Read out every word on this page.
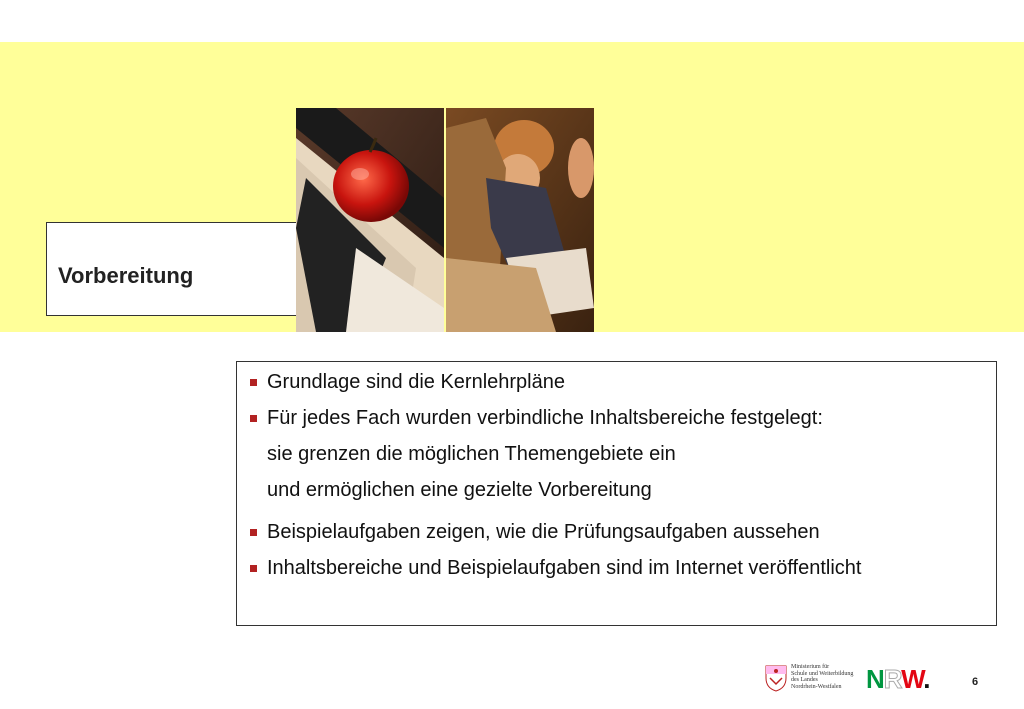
Vorbereitung
Grundlage sind die Kernlehrpläne
Für jedes Fach wurden verbindliche Inhaltsbereiche festgelegt:
sie grenzen die möglichen Themengebiete ein
und ermöglichen eine gezielte Vorbereitung
Beispielaufgaben zeigen, wie die Prüfungsaufgaben aussehen
Inhaltsbereiche und Beispielaufgaben sind im Internet veröffentlicht
Ministerium für
Schule und Weiterbildung
des Landes
Nordrhein-Westfalen NRW.	6
